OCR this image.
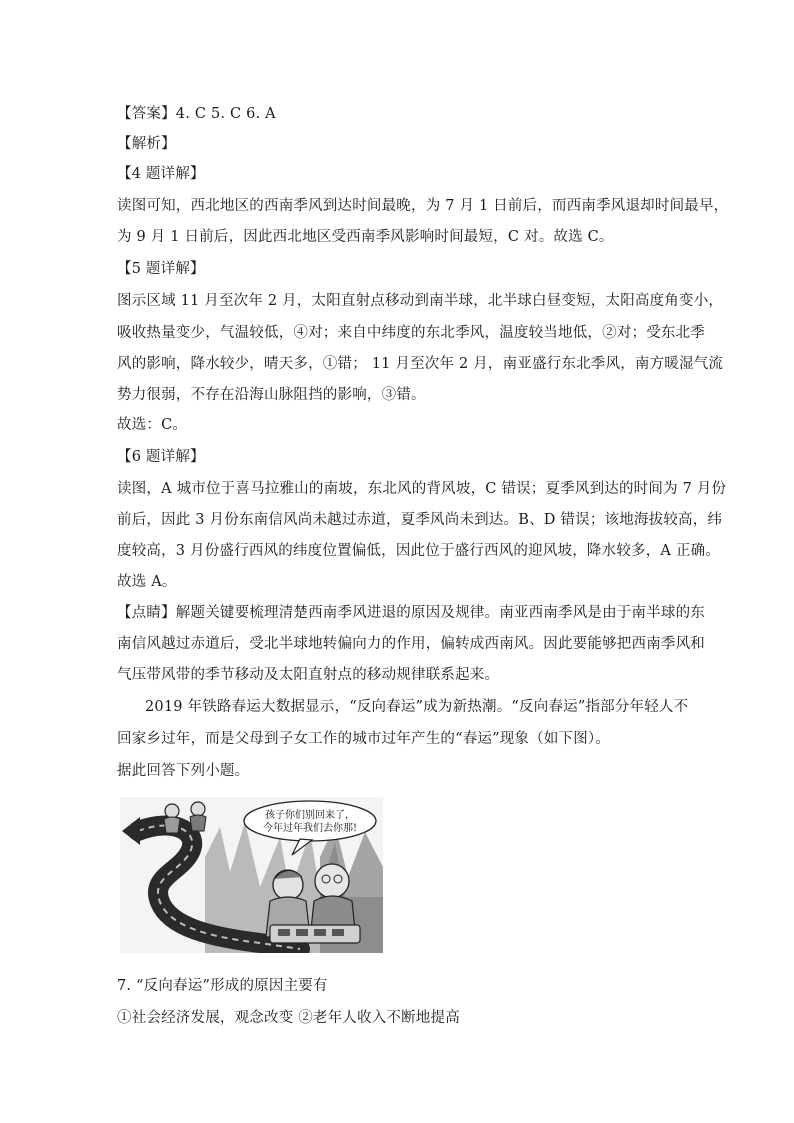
【答案】4. C 5. C 6. A
【解析】
【4 题详解】
读图可知，西北地区的西南季风到达时间最晚，为 7 月 1 日前后，而西南季风退却时间最早，
为 9 月 1 日前后，因此西北地区受西南季风影响时间最短，C 对。故选 C。
【5 题详解】
图示区域 11 月至次年 2 月，太阳直射点移动到南半球，北半球白昼变短，太阳高度角变小，
吸收热量变少，气温较低，④对；来自中纬度的东北季风，温度较当地低，②对；受东北季
风的影响，降水较少，晴天多，①错； 11 月至次年 2 月，南亚盛行东北季风，南方暖湿气流
势力很弱，不存在沿海山脉阻挡的影响，③错。
故选：C。
【6 题详解】
读图，A 城市位于喜马拉雅山的南坡，东北风的背风坡，C 错误；夏季风到达的时间为 7 月份
前后，因此 3 月份东南信风尚未越过赤道，夏季风尚未到达。B、D 错误；该地海拔较高，纬
度较高，3 月份盛行西风的纬度位置偏低，因此位于盛行西风的迎风坡，降水较多，A 正确。
故选 A。
【点睛】解题关键要梳理清楚西南季风进退的原因及规律。南亚西南季风是由于南半球的东
南信风越过赤道后，受北半球地转偏向力的作用，偏转成西南风。因此要能够把西南季风和
气压带风带的季节移动及太阳直射点的移动规律联系起来。
2019 年铁路春运大数据显示，“反向春运”成为新热潮。“反向春运”指部分年轻人不
回家乡过年，而是父母到子女工作的城市过年产生的“春运”现象（如下图）。
据此回答下列小题。
孩子你们别回来了，
今年过年我们去你那!
7. “反向春运”形成的原因主要有
①社会经济发展，观念改变 ②老年人收入不断地提高
